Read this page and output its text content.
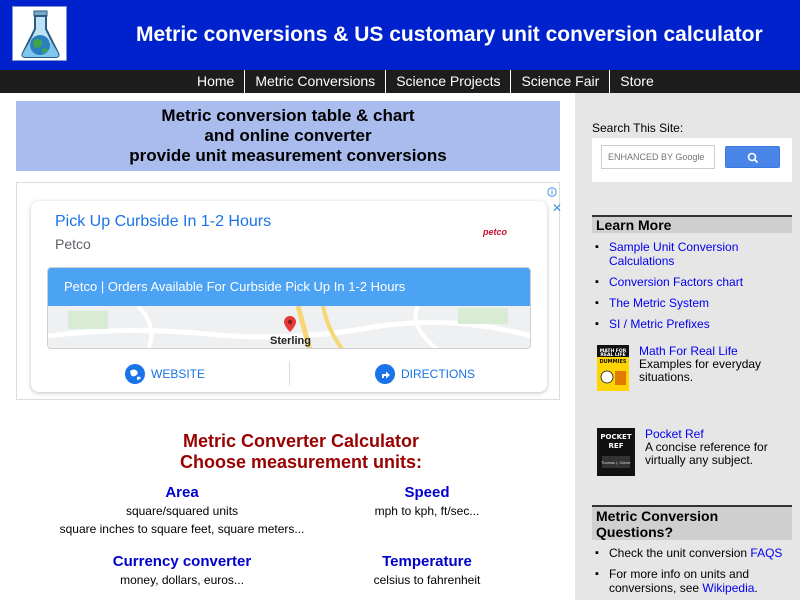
Metric conversions & US customary unit conversion calculator
Home	Metric Conversions	Science Projects	Science Fair	Store
Metric conversion table & chart
and online converter
provide unit measurement conversions
✕
Pick Up Curbside In 1-2 Hours
Petco
petco
Petco | Orders Available For Curbside Pick Up In 1-2 Hours
Sterling
WEBSITE	DIRECTIONS
Metric Converter Calculator
Choose measurement units:
Area
square/squared units
square inches to square feet, square meters...
Speed
mph to kph, ft/sec...
Currency converter
money, dollars, euros...
Temperature
celsius to fahrenheit
Search This Site:
ENHANCED BY Google
Learn More
▪ Sample Unit Conversion Calculations
▪ Conversion Factors chart
▪ The Metric System
▪ SI / Metric Prefixes
MATH FOR
REAL LIFE
DUMMIES
Math For Real Life
Examples for everyday situations.
POCKET
REF
Thomas J. Glover
Pocket Ref
A concise reference for virtually any subject.
Metric Conversion Questions?
▪ Check the unit conversion FAQS
▪ For more info on units and conversions, see Wikipedia.
